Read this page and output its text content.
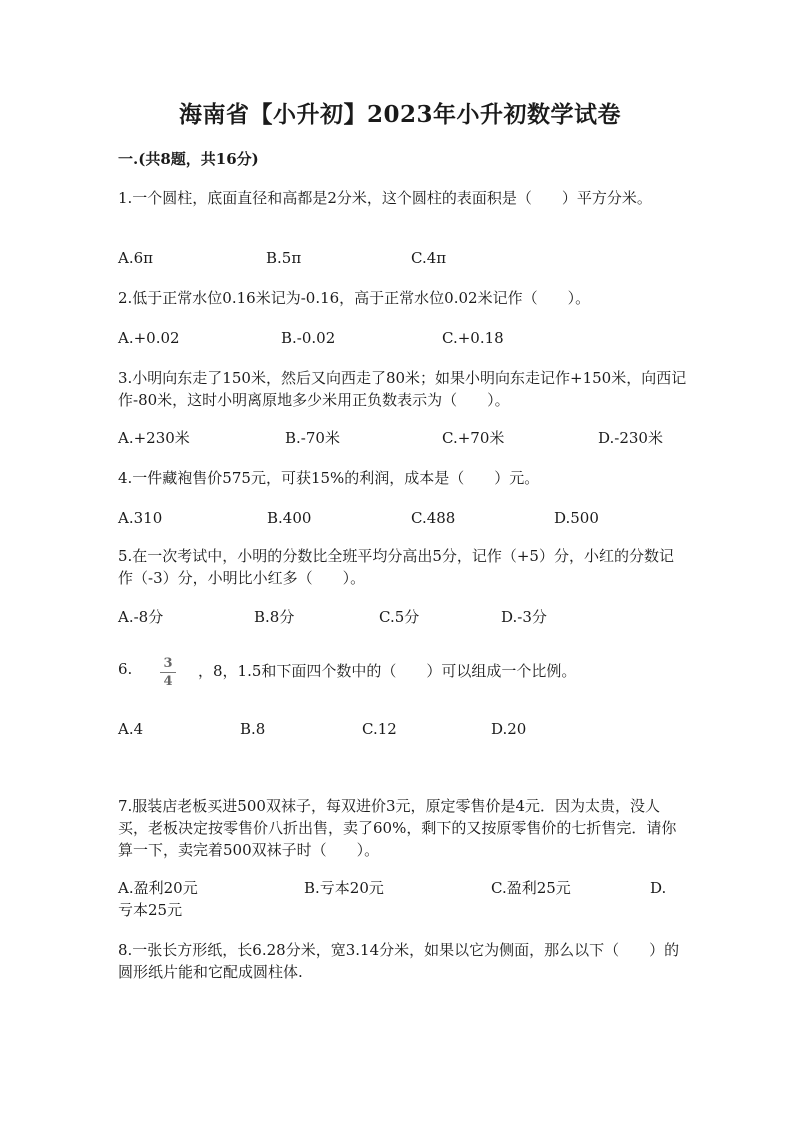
海南省【小升初】2023年小升初数学试卷
一.(共8题，共16分)
1.一个圆柱，底面直径和高都是2分米，这个圆柱的表面积是（　　）平方分米。
A.6π	B.5π	C.4π
2.低于正常水位0.16米记为-0.16，高于正常水位0.02米记作（　　）。
A.+0.02	B.-0.02	C.+0.18
3.小明向东走了150米，然后又向西走了80米；如果小明向东走记作+150米，向西记作-80米，这时小明离原地多少米用正负数表示为（　　）。
A.+230米	B.-70米	C.+70米	D.-230米
4.一件藏袍售价575元，可获15%的利润，成本是（　　）元。
A.310	B.400	C.488	D.500
5.在一次考试中，小明的分数比全班平均分高出5分，记作（+5）分，小红的分数记作（-3）分，小明比小红多（　　）。
A.-8分	B.8分	C.5分	D.-3分
6. 3
4
，8，1.5和下面四个数中的（　　）可以组成一个比例。
A.4	B.8	C.12	D.20
7.服装店老板买进500双袜子，每双进价3元，原定零售价是4元．因为太贵，没人买，老板决定按零售价八折出售，卖了60%，剩下的又按原零售价的七折售完．请你算一下，卖完着500双袜子时（　　）。
A.盈利20元	B.亏本20元	C.盈利25元	D.
亏本25元
8.一张长方形纸，长6.28分米，宽3.14分米，如果以它为侧面，那么以下（　　）的圆形纸片能和它配成圆柱体.
